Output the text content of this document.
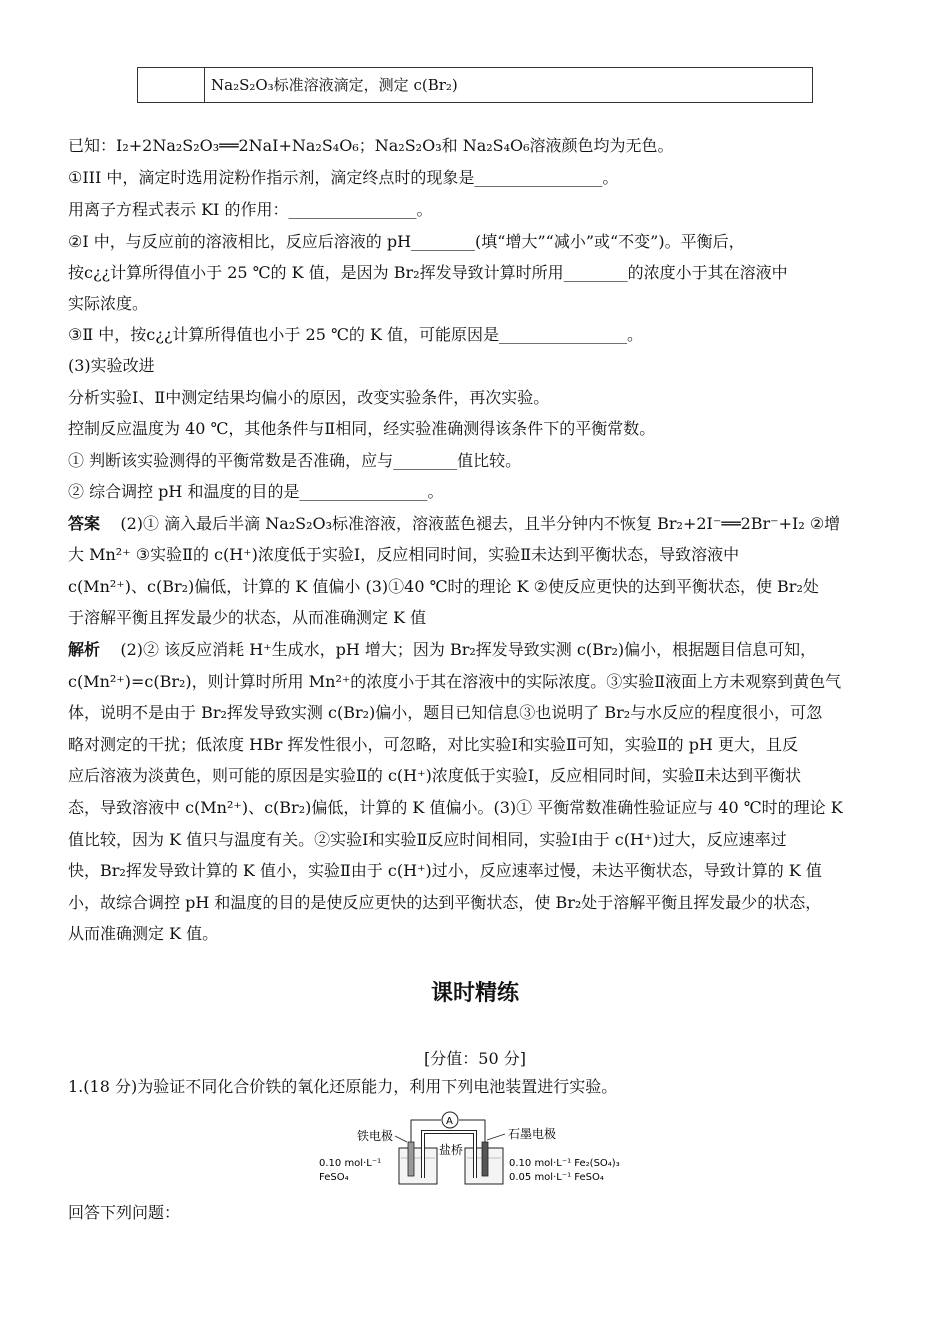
Na₂S₂O₃标准溶液滴定，测定 c(Br₂)
已知：I₂+2Na₂S₂O₃══2NaI+Na₂S₄O₆；Na₂S₂O₃和 Na₂S₄O₆溶液颜色均为无色。
①III 中，滴定时选用淀粉作指示剂，滴定终点时的现象是________________。
用离子方程式表示 KI 的作用：________________。
②Ⅰ 中，与反应前的溶液相比，反应后溶液的 pH________(填“增大”“减小”或“不变”)。平衡后，
按c¿¿计算所得值小于 25 ℃的 K 值，是因为 Br₂挥发导致计算时所用________的浓度小于其在溶液中
实际浓度。
③Ⅱ 中，按c¿¿计算所得值也小于 25 ℃的 K 值，可能原因是________________。
(3)实验改进
分析实验Ⅰ、Ⅱ中测定结果均偏小的原因，改变实验条件，再次实验。
控制反应温度为 40 ℃，其他条件与Ⅱ相同，经实验准确测得该条件下的平衡常数。
① 判断该实验测得的平衡常数是否准确，应与________值比较。
② 综合调控 pH 和温度的目的是________________。
答案 (2)① 滴入最后半滴 Na₂S₂O₃标准溶液，溶液蓝色褪去，且半分钟内不恢复 Br₂+2I⁻══2Br⁻+I₂ ②增
大 Mn²⁺ ③实验Ⅱ的 c(H⁺)浓度低于实验Ⅰ，反应相同时间，实验Ⅱ未达到平衡状态，导致溶液中
c(Mn²⁺)、c(Br₂)偏低，计算的 K 值偏小 (3)①40 ℃时的理论 K ②使反应更快的达到平衡状态，使 Br₂处
于溶解平衡且挥发最少的状态，从而准确测定 K 值
解析 (2)② 该反应消耗 H⁺生成水，pH 增大；因为 Br₂挥发导致实测 c(Br₂)偏小，根据题目信息可知，
c(Mn²⁺)=c(Br₂)，则计算时所用 Mn²⁺的浓度小于其在溶液中的实际浓度。③实验Ⅱ液面上方未观察到黄色气
体，说明不是由于 Br₂挥发导致实测 c(Br₂)偏小，题目已知信息③也说明了 Br₂与水反应的程度很小，可忽
略对测定的干扰；低浓度 HBr 挥发性很小，可忽略，对比实验Ⅰ和实验Ⅱ可知，实验Ⅱ的 pH 更大，且反
应后溶液为淡黄色，则可能的原因是实验Ⅱ的 c(H⁺)浓度低于实验Ⅰ，反应相同时间，实验Ⅱ未达到平衡状
态，导致溶液中 c(Mn²⁺)、c(Br₂)偏低，计算的 K 值偏小。(3)① 平衡常数准确性验证应与 40 ℃时的理论 K
值比较，因为 K 值只与温度有关。②实验Ⅰ和实验Ⅱ反应时间相同，实验Ⅰ由于 c(H⁺)过大，反应速率过
快，Br₂挥发导致计算的 K 值小，实验Ⅱ由于 c(H⁺)过小，反应速率过慢，未达平衡状态，导致计算的 K 值
小，故综合调控 pH 和温度的目的是使反应更快的达到平衡状态，使 Br₂处于溶解平衡且挥发最少的状态，
从而准确测定 K 值。
课时精练
[分值：50 分]
1.(18 分)为验证不同化合价铁的氧化还原能力，利用下列电池装置进行实验。
铁电极	石墨电极
A
盐桥
0.10 mol·L⁻¹
FeSO₄
0.10 mol·L⁻¹ Fe₂(SO₄)₃
0.05 mol·L⁻¹ FeSO₄
回答下列问题：
